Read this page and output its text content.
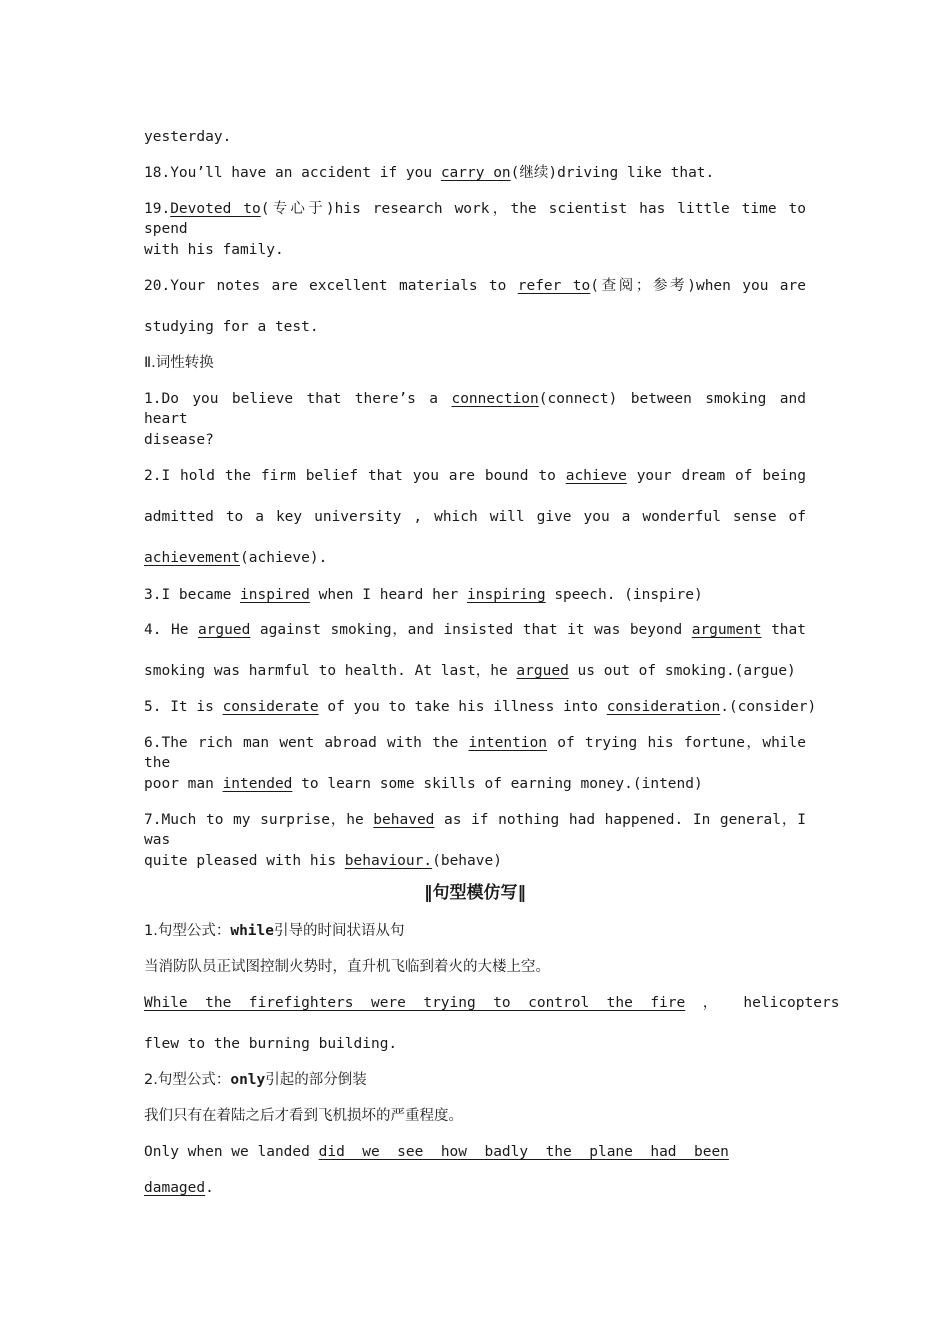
yesterday.
18.You’ll have an accident if you carry on(继续)driving like that.
19.Devoted to(专心于)his research work，the scientist has little time to spend
with his family.
20.Your notes are excellent materials to refer to(查阅；参考)when you are
studying for a test.
Ⅱ.词性转换
1.Do you believe that there’s a connection(connect) between smoking and heart
disease?
2.I hold the firm belief that you are bound to achieve your dream of being
admitted to a key university , which will give you a wonderful sense of
achievement(achieve).
3.I became inspired when I heard her inspiring speech. (inspire)
4. He argued against smoking，and insisted that it was beyond argument that
smoking was harmful to health. At last，he argued us out of smoking.(argue)
5. It is considerate of you to take his illness into consideration.(consider)
6.The rich man went abroad with the intention of trying his fortune，while the
poor man intended to learn some skills of earning money.(intend)
7.Much to my surprise，he behaved as if nothing had happened. In general，I was
quite pleased with his behaviour.(behave)
‖句型模仿写‖
1.句型公式：while引导的时间状语从句
当消防队员正试图控制火势时，直升机飞临到着火的大楼上空。
While  the  firefighters  were  trying  to  control  the  fire  ，   helicopters
flew to the burning building.
2.句型公式：only引起的部分倒装
我们只有在着陆之后才看到飞机损坏的严重程度。
Only when we landed did  we  see  how  badly  the  plane  had  been
damaged.
